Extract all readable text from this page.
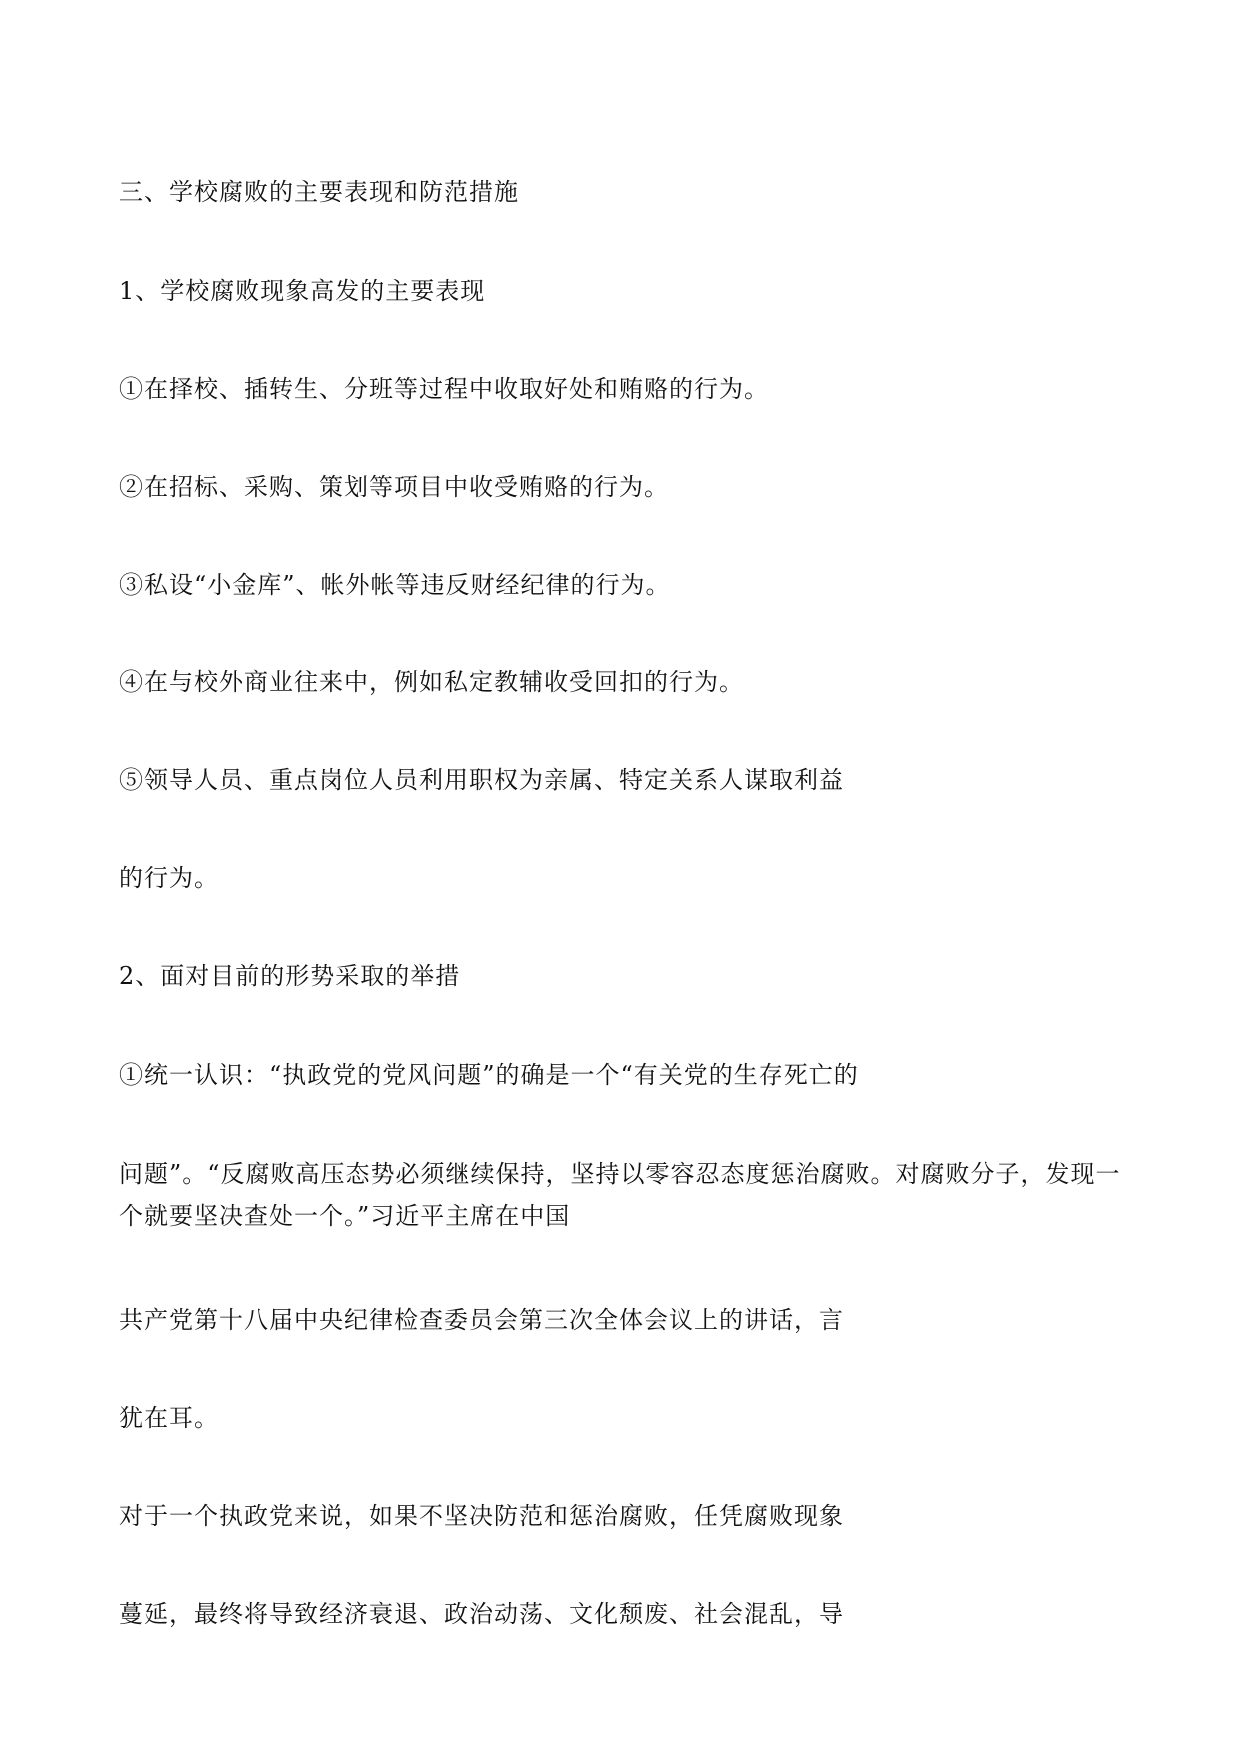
三、学校腐败的主要表现和防范措施
1、学校腐败现象高发的主要表现
①在择校、插转生、分班等过程中收取好处和贿赂的行为。
②在招标、采购、策划等项目中收受贿赂的行为。
③私设“小金库”、帐外帐等违反财经纪律的行为。
④在与校外商业往来中，例如私定教辅收受回扣的行为。
⑤领导人员、重点岗位人员利用职权为亲属、特定关系人谋取利益
的行为。
2、面对目前的形势采取的举措
①统一认识：“执政党的党风问题”的确是一个“有关党的生存死亡的
问题”。“反腐败高压态势必须继续保持，坚持以零容忍态度惩治腐败。对腐败分子，发现一个就要坚决查处一个。”习近平主席在中国
共产党第十八届中央纪律检查委员会第三次全体会议上的讲话，言
犹在耳。
对于一个执政党来说，如果不坚决防范和惩治腐败，任凭腐败现象
蔓延，最终将导致经济衰退、政治动荡、文化颓废、社会混乱，导
